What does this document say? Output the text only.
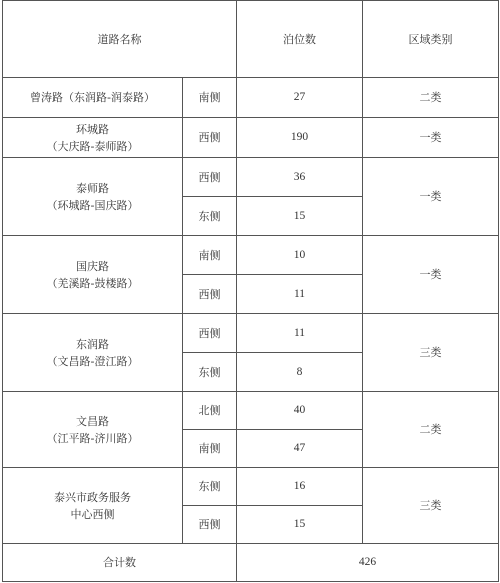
道路名称		泊位数	区域类别

曾涛路（东润路-润泰路）	南侧	27	二类

环城路
（大庆路-泰师路）	西侧	190	一类

泰师路
（环城路-国庆路）	西侧	36	一类
	东侧	15	

国庆路
（羌溪路-鼓楼路）	南侧	10	一类
	西侧	11	

东润路
（文昌路-澄江路）	西侧	11	三类
	东侧	8	

文昌路
（江平路-济川路）	北侧	40	二类
	南侧	47	

泰兴市政务服务
中心西侧	东侧	16	三类
	西侧	15	
合计数		426	
